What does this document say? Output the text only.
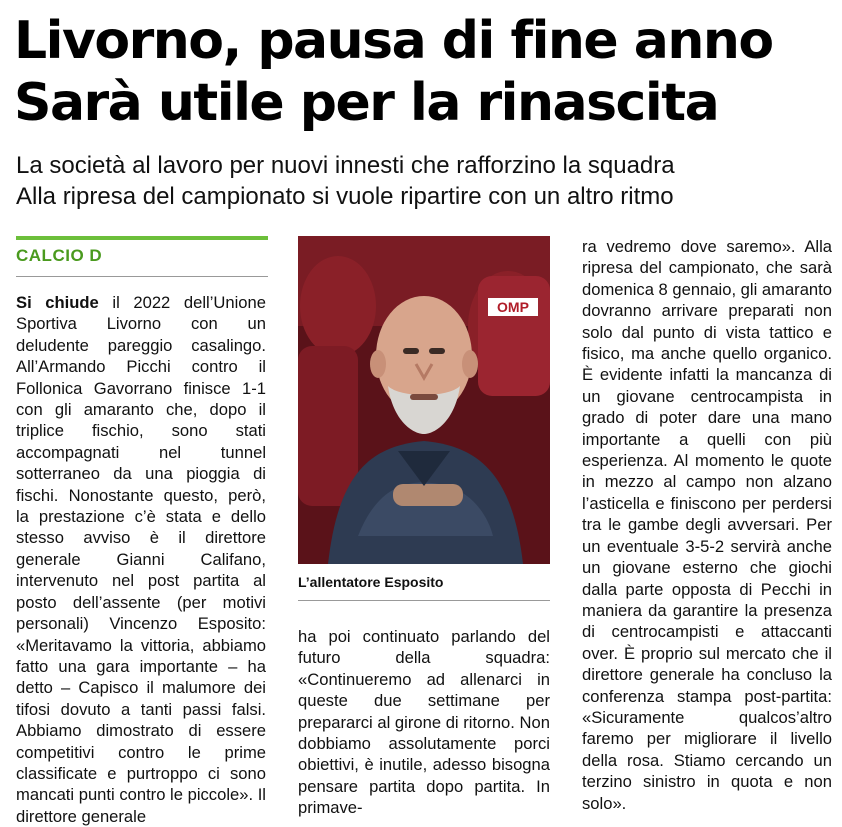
Livorno, pausa di fine anno
Sarà utile per la rinascita
La società al lavoro per nuovi innesti che rafforzino la squadra
Alla ripresa del campionato si vuole ripartire con un altro ritmo
CALCIO D

Si chiude il 2022 dell’Unione Sportiva Livorno con un deludente pareggio casalingo. All’Armando Picchi contro il Follonica Gavorrano finisce 1-1 con gli amaranto che, dopo il triplice fischio, sono stati accompagnati nel tunnel sotterraneo da una pioggia di fischi. Nonostante questo, però, la prestazione c’è stata e dello stesso avviso è il direttore generale Gianni Califano, intervenuto nel post partita al posto dell’assente (per motivi personali) Vincenzo Esposito: «Meritavamo la vittoria, abbiamo fatto una gara importante – ha detto – Capisco il malumore dei tifosi dovuto a tanti passi falsi. Abbiamo dimostrato di essere competitivi contro le prime classificate e purtroppo ci sono mancati punti contro le piccole». Il direttore generale

OMP
L’allentatore Esposito

ha poi continuato parlando del futuro della squadra: «Continueremo ad allenarci in queste due settimane per prepararci al girone di ritorno. Non dobbiamo assolutamente porci obiettivi, è inutile, adesso bisogna pensare partita dopo partita. In primave-

ra vedremo dove saremo». Alla ripresa del campionato, che sarà domenica 8 gennaio, gli amaranto dovranno arrivare preparati non solo dal punto di vista tattico e fisico, ma anche quello organico. È evidente infatti la mancanza di un giovane centrocampista in grado di poter dare una mano importante a quelli con più esperienza. Al momento le quote in mezzo al campo non alzano l’asticella e finiscono per perdersi tra le gambe degli avversari. Per un eventuale 3-5-2 servirà anche un giovane esterno che giochi dalla parte opposta di Pecchi in maniera da garantire la presenza di centrocampisti e attaccanti over. È proprio sul mercato che il direttore generale ha concluso la conferenza stampa post-partita: «Sicuramente qualcos’altro faremo per migliorare il livello della rosa. Stiamo cercando un terzino sinistro in quota e non solo».
